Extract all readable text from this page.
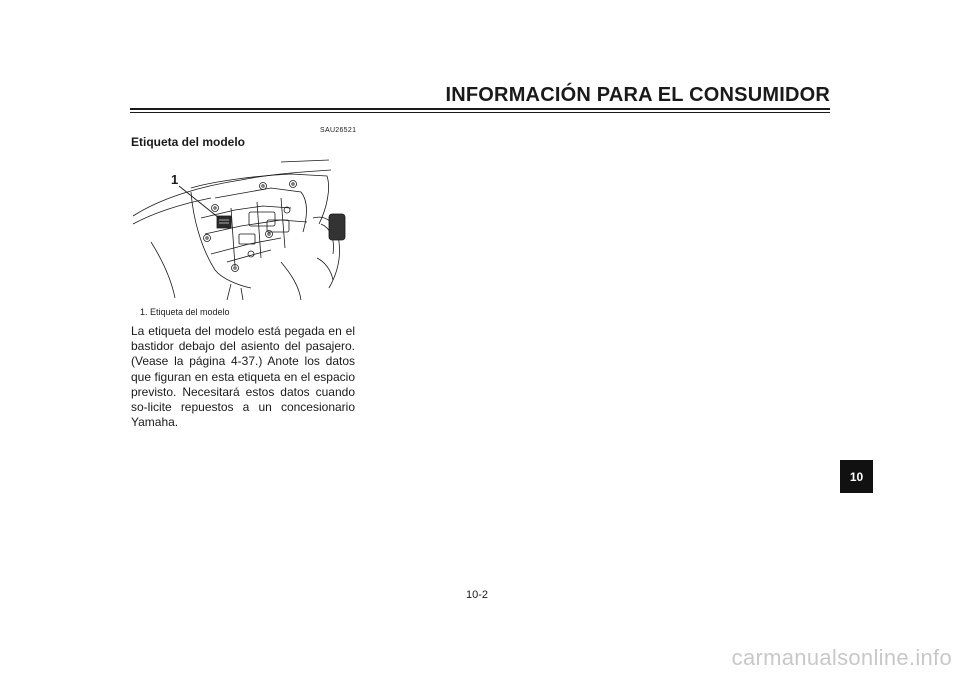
INFORMACIÓN PARA EL CONSUMIDOR
SAU26521
Etiqueta del modelo
1
1. Etiqueta del modelo
La etiqueta del modelo está pegada en el bastidor debajo del asiento del pasajero. (Vease la página 4-37.) Anote los datos que figuran en esta etiqueta en el espacio previsto. Necesitará estos datos cuando so-licite repuestos a un concesionario Yamaha.
10
10-2
carmanualsonline.info
